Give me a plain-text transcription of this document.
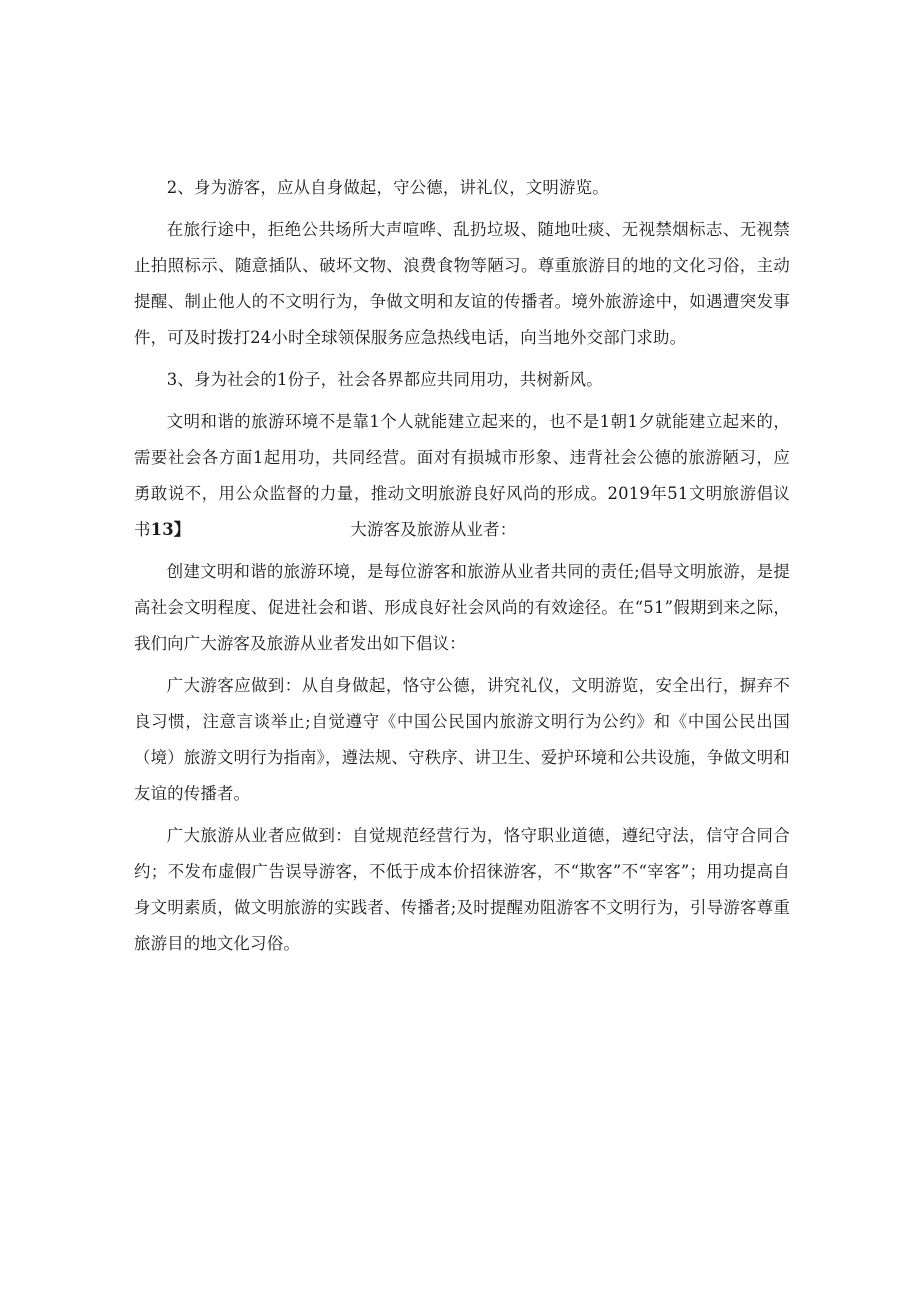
2、身为游客，应从自身做起，守公德，讲礼仪，文明游览。

在旅行途中，拒绝公共场所大声喧哗、乱扔垃圾、随地吐痰、无视禁烟标志、无视禁止拍照标示、随意插队、破坏文物、浪费食物等陋习。尊重旅游目的地的文化习俗，主动提醒、制止他人的不文明行为，争做文明和友谊的传播者。境外旅游途中，如遇遭突发事件，可及时拨打24小时全球领保服务应急热线电话，向当地外交部门求助。

3、身为社会的1份子，社会各界都应共同用功，共树新风。

文明和谐的旅游环境不是靠1个人就能建立起来的，也不是1朝1夕就能建立起来的，需要社会各方面1起用功，共同经营。面对有损城市形象、违背社会公德的旅游陋习，应勇敢说不，用公众监督的力量，推动文明旅游良好风尚的形成。2019年51文明旅游倡议书13】	大游客及旅游从业者：

创建文明和谐的旅游环境，是每位游客和旅游从业者共同的责任;倡导文明旅游，是提高社会文明程度、促进社会和谐、形成良好社会风尚的有效途径。在“51”假期到来之际，我们向广大游客及旅游从业者发出如下倡议：

广大游客应做到：从自身做起，恪守公德，讲究礼仪，文明游览，安全出行，摒弃不良习惯，注意言谈举止;自觉遵守《中国公民国内旅游文明行为公约》和《中国公民出国（境）旅游文明行为指南》，遵法规、守秩序、讲卫生、爱护环境和公共设施，争做文明和友谊的传播者。

广大旅游从业者应做到：自觉规范经营行为，恪守职业道德，遵纪守法，信守合同合约；不发布虚假广告误导游客，不低于成本价招徕游客，不“欺客”不“宰客”；用功提高自身文明素质，做文明旅游的实践者、传播者;及时提醒劝阻游客不文明行为，引导游客尊重旅游目的地文化习俗。
